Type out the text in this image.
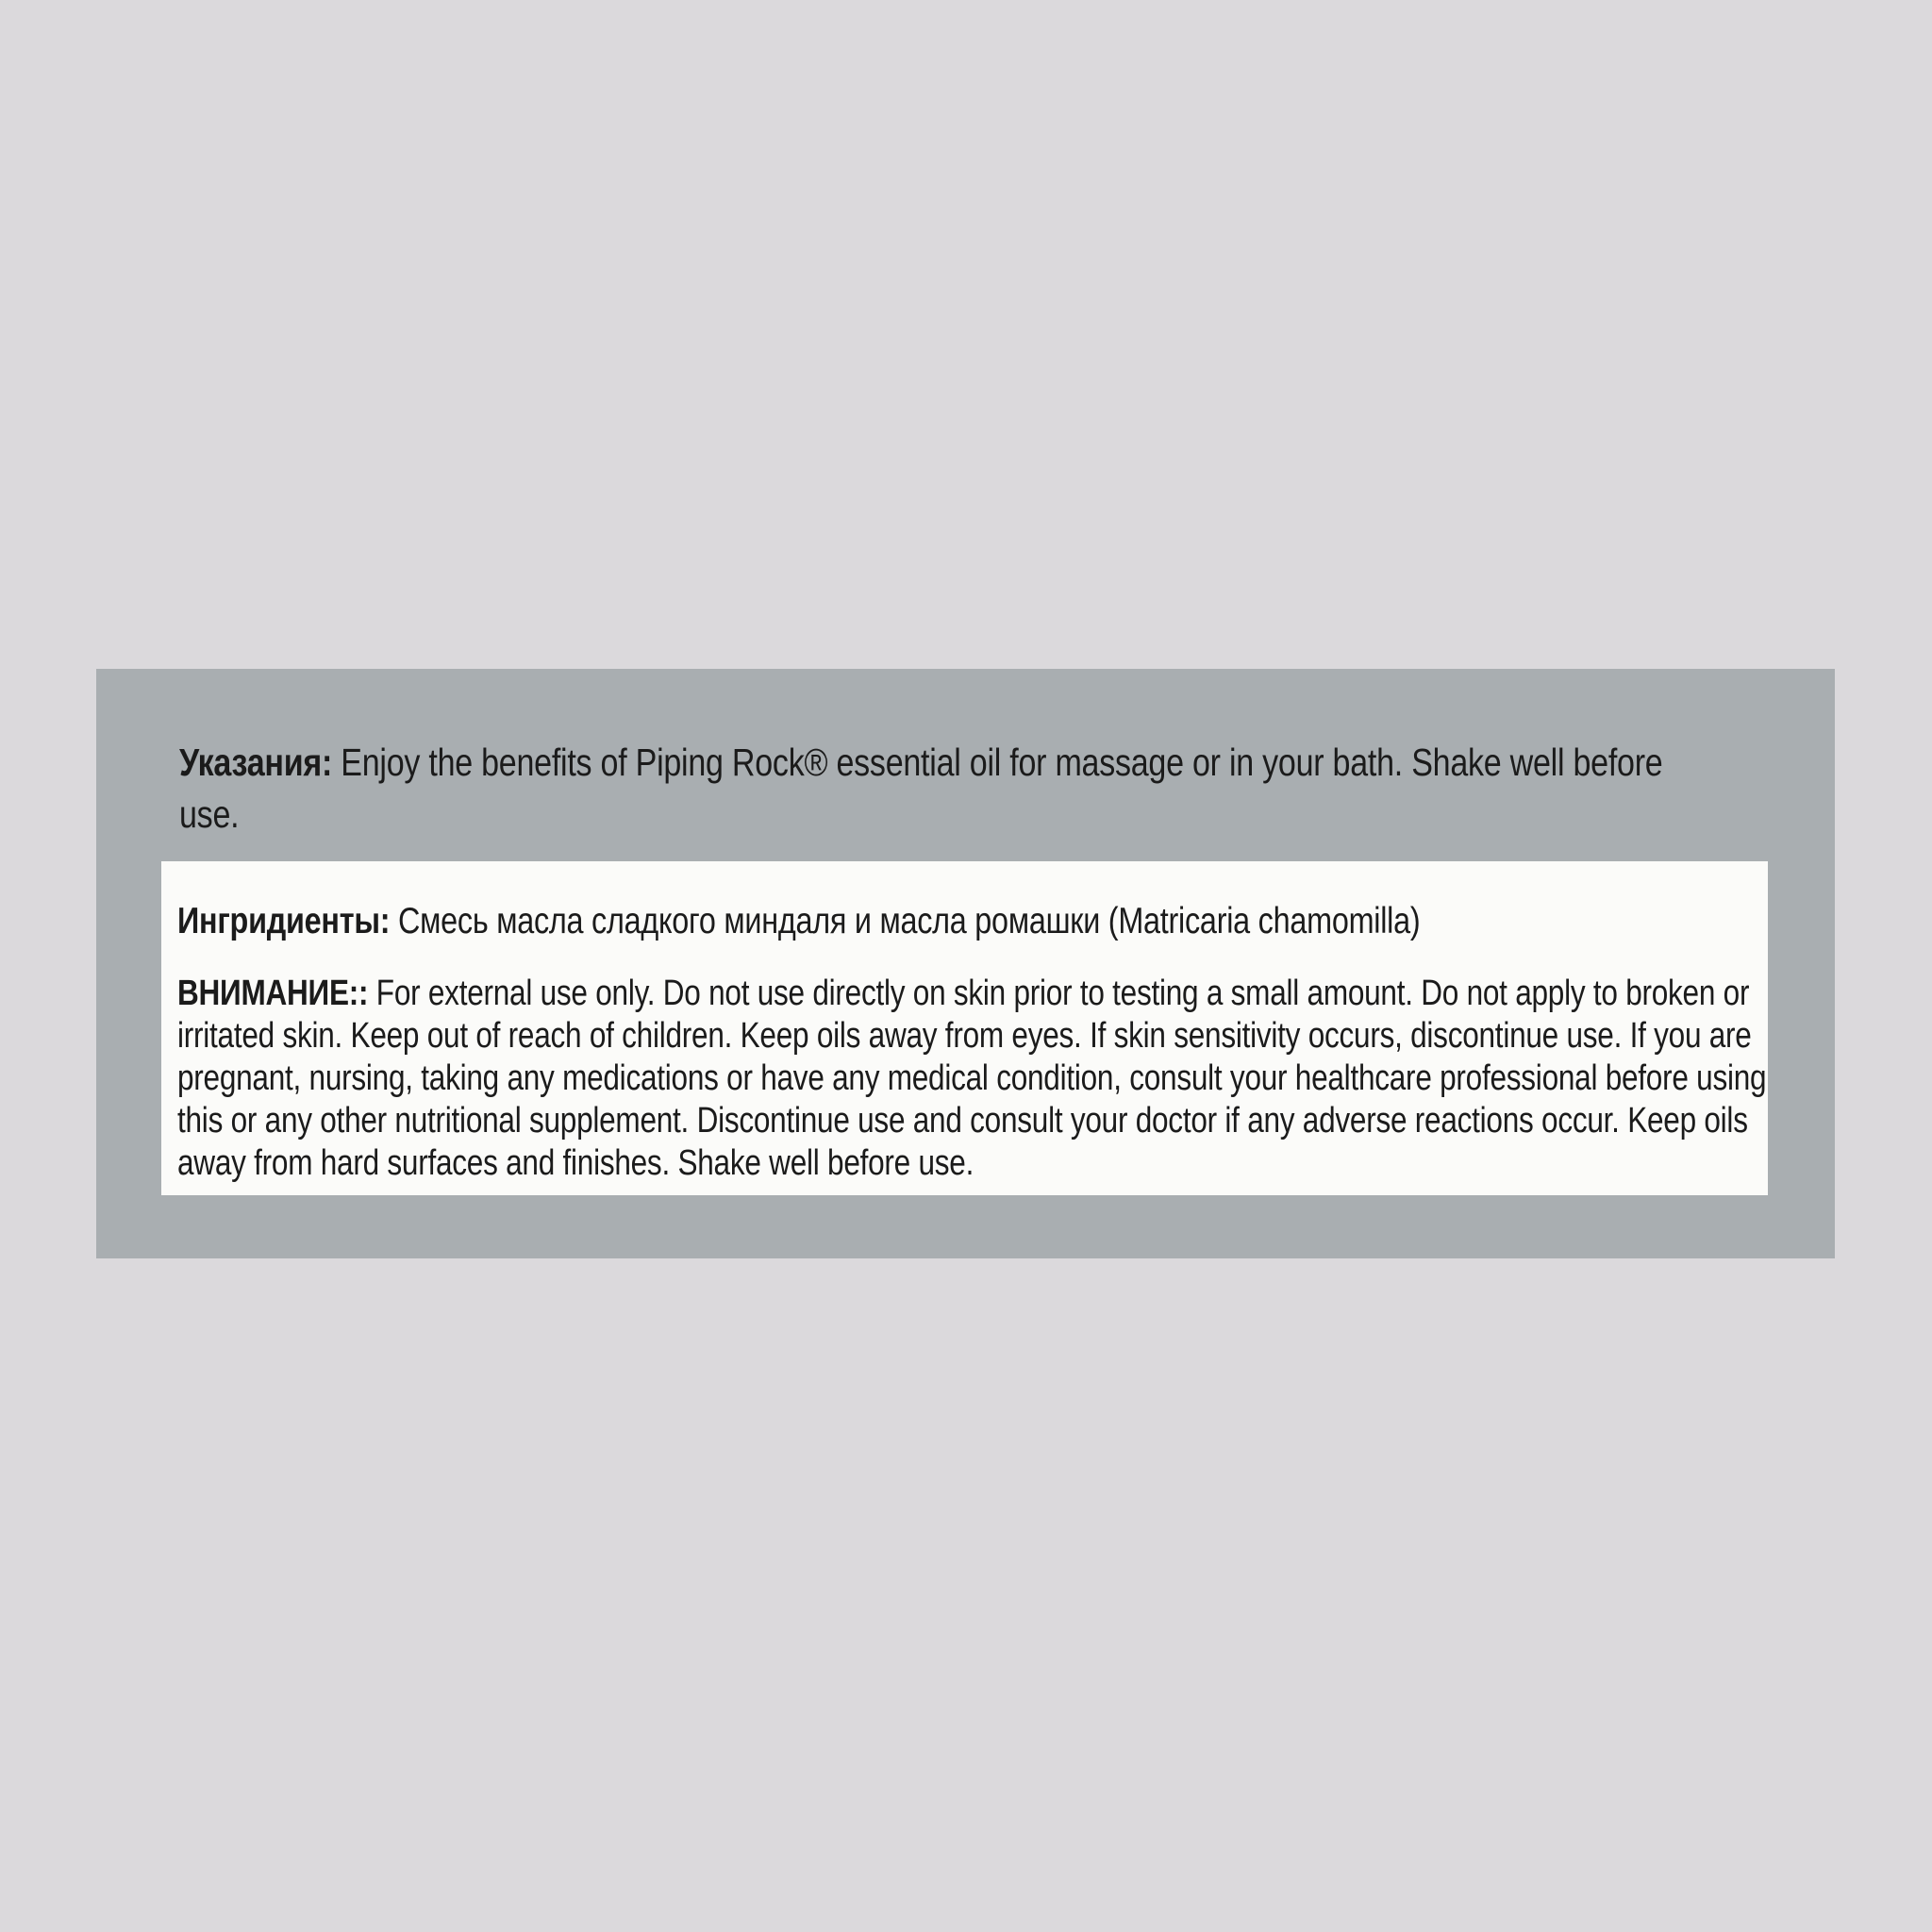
Указания: Enjoy the benefits of Piping Rock® essential oil for massage or in your bath. Shake well before use.

Ингридиенты: Смесь масла сладкого миндаля и масла ромашки (Matricaria chamomilla)

ВНИМАНИЕ:: For external use only. Do not use directly on skin prior to testing a small amount. Do not apply to broken or irritated skin. Keep out of reach of children. Keep oils away from eyes. If skin sensitivity occurs, discontinue use. If you are pregnant, nursing, taking any medications or have any medical condition, consult your healthcare professional before using this or any other nutritional supplement. Discontinue use and consult your doctor if any adverse reactions occur. Keep oils away from hard surfaces and finishes. Shake well before use.
